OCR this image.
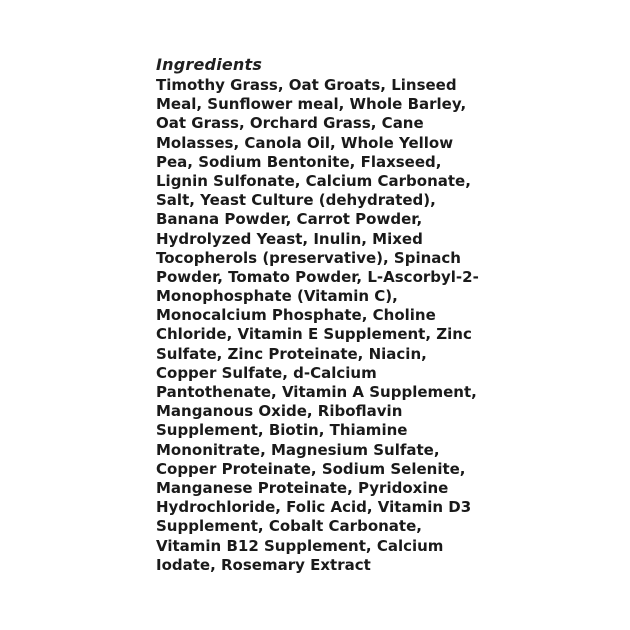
Ingredients
Timothy Grass, Oat Groats, Linseed
Meal, Sunflower meal, Whole Barley,
Oat Grass, Orchard Grass, Cane
Molasses, Canola Oil, Whole Yellow
Pea, Sodium Bentonite, Flaxseed,
Lignin Sulfonate, Calcium Carbonate,
Salt, Yeast Culture (dehydrated),
Banana Powder, Carrot Powder,
Hydrolyzed Yeast, Inulin, Mixed
Tocopherols (preservative), Spinach
Powder, Tomato Powder, L-Ascorbyl-2-
Monophosphate (Vitamin C),
Monocalcium Phosphate, Choline
Chloride, Vitamin E Supplement, Zinc
Sulfate, Zinc Proteinate, Niacin,
Copper Sulfate, d-Calcium
Pantothenate, Vitamin A Supplement,
Manganous Oxide, Riboflavin
Supplement, Biotin, Thiamine
Mononitrate, Magnesium Sulfate,
Copper Proteinate, Sodium Selenite,
Manganese Proteinate, Pyridoxine
Hydrochloride, Folic Acid, Vitamin D3
Supplement, Cobalt Carbonate,
Vitamin B12 Supplement, Calcium
Iodate, Rosemary Extract
